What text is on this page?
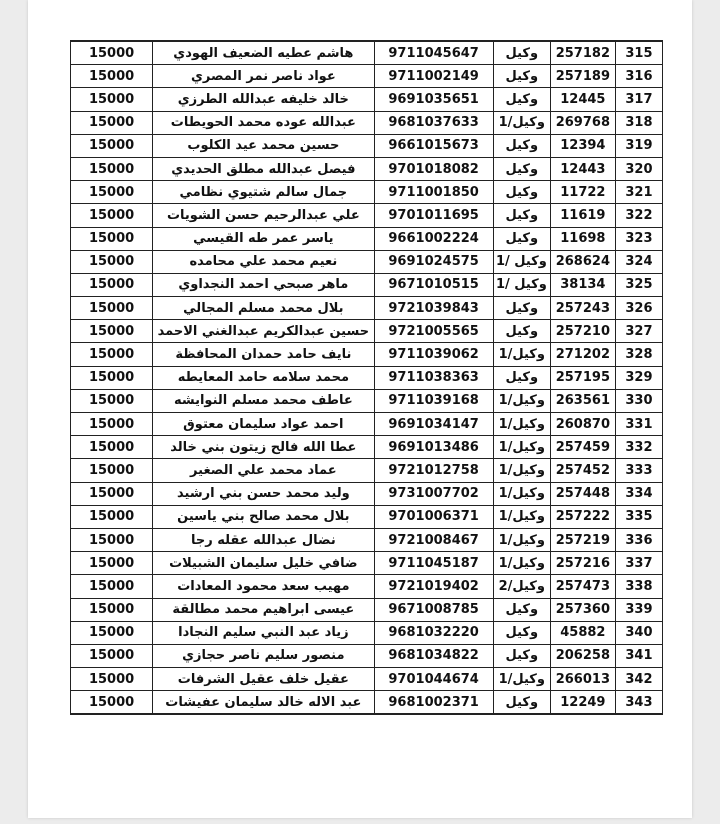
315	257182	وكيل	9711045647	هاشم عطيه الضعيف الهودي	15000
316	257189	وكيل	9711002149	عواد ناصر نمر المصري	15000
317	12445	وكيل	9691035651	خالد خليفه عبدالله الطرزي	15000
318	269768	وكيل/1	9681037633	عبدالله عوده محمد الحويطات	15000
319	12394	وكيل	9661015673	حسين محمد عيد الكلوب	15000
320	12443	وكيل	9701018082	فيصل عبدالله مطلق الحديدي	15000
321	11722	وكيل	9711001850	جمال سالم شتيوي نظامي	15000
322	11619	وكيل	9701011695	علي عبدالرحيم حسن الشويات	15000
323	11698	وكيل	9661002224	ياسر عمر طه القيسي	15000
324	268624	وكيل /1	9691024575	نعيم محمد علي محامده	15000
325	38134	وكيل /1	9671010515	ماهر صبحي احمد النجداوي	15000
326	257243	وكيل	9721039843	بلال محمد مسلم المجالي	15000
327	257210	وكيل	9721005565	حسين عبدالكريم عبدالغني الاحمد	15000
328	271202	وكيل/1	9711039062	نايف حامد حمدان المحافظة	15000
329	257195	وكيل	9711038363	محمد سلامه حامد المعايطه	15000
330	263561	وكيل/1	9711039168	عاطف محمد مسلم النوايشه	15000
331	260870	وكيل/1	9691034147	احمد عواد سليمان معتوق	15000
332	257459	وكيل/1	9691013486	عطا الله فالح زيتون بني خالد	15000
333	257452	وكيل/1	9721012758	عماد محمد علي الصغير	15000
334	257448	وكيل/1	9731007702	وليد محمد حسن بني ارشيد	15000
335	257222	وكيل/1	9701006371	بلال محمد صالح بني ياسين	15000
336	257219	وكيل/1	9721008467	نضال عبدالله عقله رجا	15000
337	257216	وكيل/1	9711045187	ضافي خليل سليمان الشبيلات	15000
338	257473	وكيل/2	9721019402	مهيب سعد محمود المعادات	15000
339	257360	وكيل	9671008785	عيسى ابراهيم محمد مطالقة	15000
340	45882	وكيل	9681032220	زياد عبد النبي سليم النجادا	15000
341	206258	وكيل	9681034822	منصور سليم ناصر حجازي	15000
342	266013	وكيل/1	9701044674	عقيل خلف عقيل الشرفات	15000
343	12249	وكيل	9681002371	عبد الاله خالد سليمان عفيشات	15000
